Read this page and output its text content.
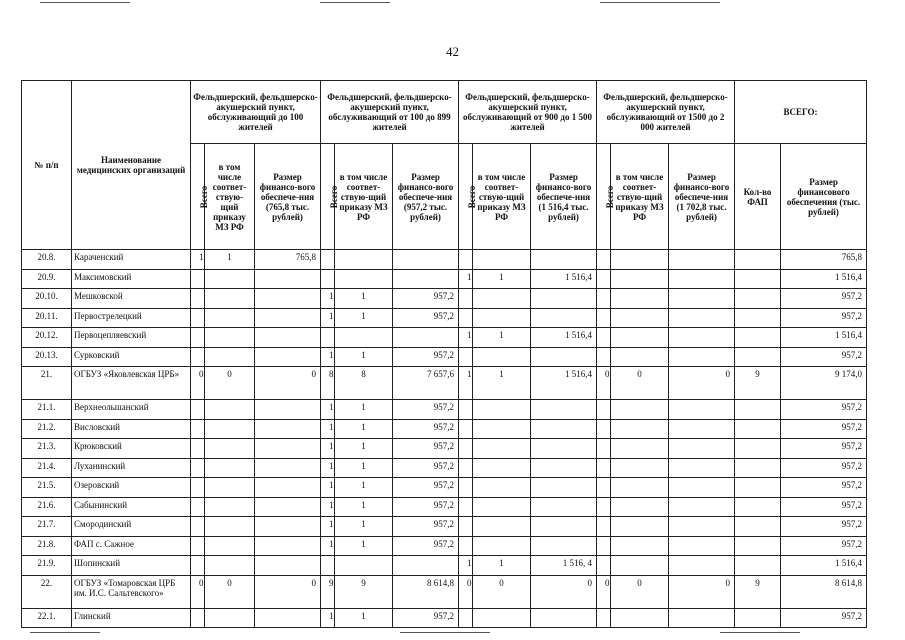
42
№ п/п	Наименование медицинских организаций	Фельдшерский, фельдшерско-акушерский пункт, обслуживающий до 100 жителей			Фельдшерский, фельдшерско-акушерский пункт, обслуживающий от 100 до 899 жителей			Фельдшерский, фельдшерско-акушерский пункт, обслуживающий от 900 до 1 500 жителей			Фельдшерский, фельдшерско-акушерский пункт, обслуживающий от 1500 до 2 000 жителей			ВСЕГО:	
		Всего	в том числе соответ-ствую-щий приказу МЗ РФ	Размер финансо-вого обеспече-ния (765,8 тыс. рублей)	Всего	в том числе соответ-ствую-щий приказу МЗ РФ	Размер финансо-вого обеспече-ния (957,2 тыс. рублей)	Всего	в том числе соответ-ствую-щий приказу МЗ РФ	Размер финансо-вого обеспече-ния (1 516,4 тыс. рублей)	Всего	в том числе соответ-ствую-щий приказу МЗ РФ	Размер финансо-вого обеспече-ния (1 702,8 тыс. рублей)	Кол-во ФАП	Размер финансового обеспечения (тыс. рублей)
20.8.	Караченский	1	1	765,8											765,8
20.9.	Максимовский							1	1	1 516,4					1 516,4
20.10.	Мешковской				1	1	957,2								957,2
20.11.	Первострелецкий				1	1	957,2								957,2
20.12.	Первоцепляевский							1	1	1 516,4					1 516,4
20.13.	Сурковский				1	1	957,2								957,2
21.	ОГБУЗ «Яковлевская ЦРБ»	0	0	0	8	8	7 657,6	1	1	1 516,4	0	0	0	9	9 174,0
21.1.	Верхнеольшанский				1	1	957,2								957,2
21.2.	Висловский				1	1	957,2								957,2
21.3.	Крюковский				1	1	957,2								957,2
21.4.	Луханинский				1	1	957,2								957,2
21.5.	Озеровский				1	1	957,2								957,2
21.6.	Сабынинский				1	1	957,2								957,2
21.7.	Смородинский				1	1	957,2								957,2
21.8.	ФАП с. Сажное				1	1	957,2								957,2
21.9.	Шопинский							1	1	1 516, 4					1 516,4
22.	ОГБУЗ «Томаровская ЦРБ им. И.С. Сальтевского»	0	0	0	9	9	8 614,8	0	0	0	0	0	0	9	8 614,8
22.1.	Глинский				1	1	957,2								957,2
